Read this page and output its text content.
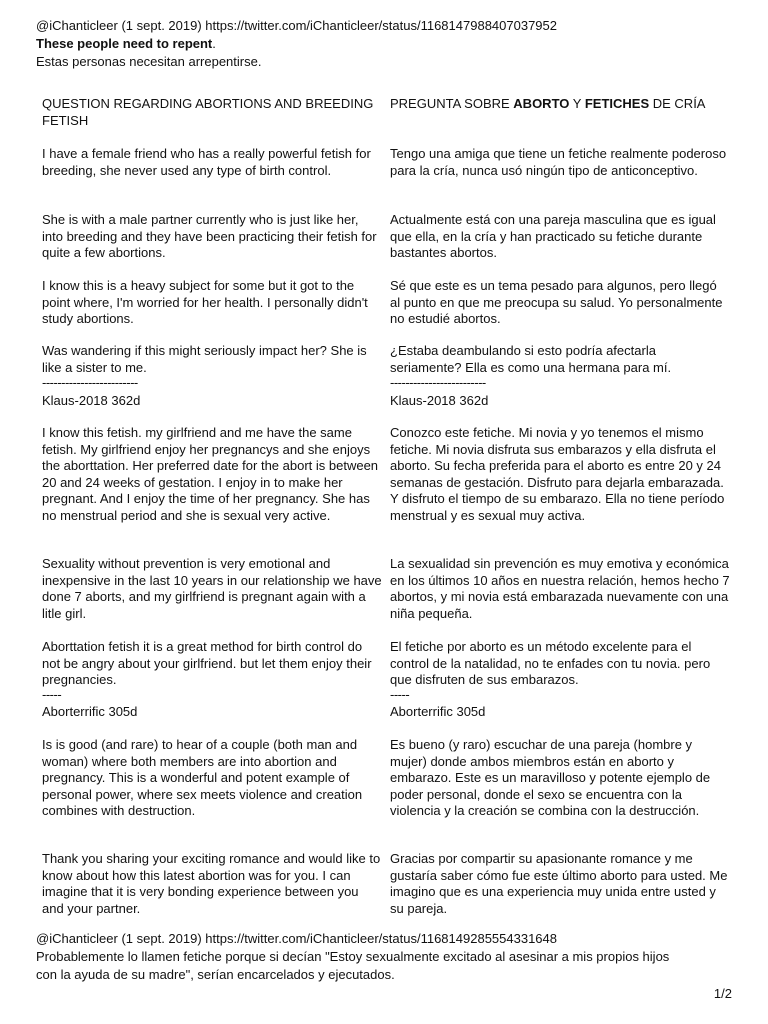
@iChanticleer (1 sept. 2019) https://twitter.com/iChanticleer/status/1168147988407037952
These people need to repent.
Estas personas necesitan arrepentirse.

QUESTION REGARDING ABORTIONS AND BREEDING FETISH

I have a female friend who has a really powerful fetish for breeding, she never used any type of birth control.

She is with a male partner currently who is just like her, into breeding and they have been practicing their fetish for quite a few abortions.

I know this is a heavy subject for some but it got to the point where, I'm worried for her health. I personally didn't study abortions.

Was wandering if this might seriously impact her? She is like a sister to me.

-------------------------

Klaus-2018 362d

I know this fetish. my girlfriend and me have the same fetish. My girlfriend enjoy her pregnancys and she enjoys the aborttation. Her preferred date for the abort is between 20 and 24 weeks of gestation. I enjoy in to make her pregnant. And I enjoy the time of her pregnancy. She has no menstrual period and she is sexual very active.

Sexuality without prevention is very emotional and inexpensive in the last 10 years in our relationship we have done 7 aborts, and my girlfriend is pregnant again with a litle girl.

Aborttation fetish it is a great method for birth control do not be angry about your girlfriend. but let them enjoy their pregnancies.

-----

Aborterrific 305d

Is is good (and rare) to hear of a couple (both man and woman) where both members are into abortion and pregnancy. This is a wonderful and potent example of personal power, where sex meets violence and creation combines with destruction.

Thank you sharing your exciting romance and would like to know about how this latest abortion was for you. I can imagine that it is very bonding experience between you and your partner.

PREGUNTA SOBRE ABORTO Y FETICHES DE CRÍA

Tengo una amiga que tiene un fetiche realmente poderoso para la cría, nunca usó ningún tipo de anticonceptivo.

Actualmente está con una pareja masculina que es igual que ella, en la cría y han practicado su fetiche durante bastantes abortos.

Sé que este es un tema pesado para algunos, pero llegó al punto en que me preocupa su salud. Yo personalmente no estudié abortos.

¿Estaba deambulando si esto podría afectarla seriamente? Ella es como una hermana para mí.

-------------------------

Klaus-2018 362d

Conozco este fetiche. Mi novia y yo tenemos el mismo fetiche. Mi novia disfruta sus embarazos y ella disfruta el aborto. Su fecha preferida para el aborto es entre 20 y 24 semanas de gestación. Disfruto para dejarla embarazada. Y disfruto el tiempo de su embarazo. Ella no tiene período menstrual y es sexual muy activa.

La sexualidad sin prevención es muy emotiva y económica en los últimos 10 años en nuestra relación, hemos hecho 7 abortos, y mi novia está embarazada nuevamente con una niña pequeña.

El fetiche por aborto es un método excelente para el control de la natalidad, no te enfades con tu novia. pero que disfruten de sus embarazos.

-----

Aborterrific 305d

Es bueno (y raro) escuchar de una pareja (hombre y mujer) donde ambos miembros están en aborto y embarazo. Este es un maravilloso y potente ejemplo de poder personal, donde el sexo se encuentra con la violencia y la creación se combina con la destrucción.

Gracias por compartir su apasionante romance y me gustaría saber cómo fue este último aborto para usted. Me imagino que es una experiencia muy unida entre usted y su pareja.

@iChanticleer (1 sept. 2019) https://twitter.com/iChanticleer/status/1168149285554331648
Probablemente lo llamen fetiche porque si decían "Estoy sexualmente excitado al asesinar a mis propios hijos
con la ayuda de su madre", serían encarcelados y ejecutados.
1/2
